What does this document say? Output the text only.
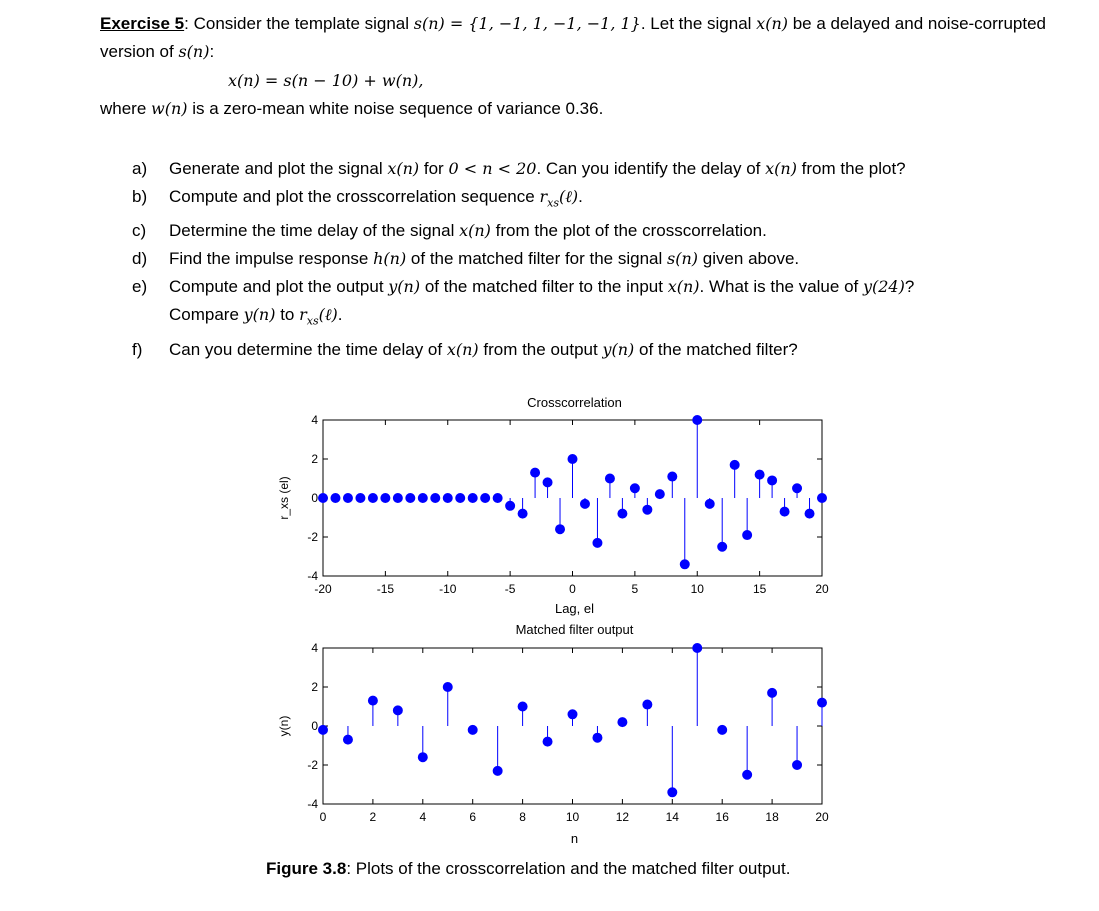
Exercise 5: Consider the template signal s(n) = {1, −1, 1, −1, −1, 1}. Let the signal x(n) be a delayed and noise-corrupted version of s(n):
x(n) = s(n − 10) + w(n),
where w(n) is a zero-mean white noise sequence of variance 0.36.
a) Generate and plot the signal x(n) for 0 < n < 20. Can you identify the delay of x(n) from the plot?
b) Compute and plot the crosscorrelation sequence $r_{xs}(\ell)$.
c) Determine the time delay of the signal x(n) from the plot of the crosscorrelation.
d) Find the impulse response h(n) of the matched filter for the signal s(n) given above.
e) Compute and plot the output y(n) of the matched filter to the input x(n). What is the value of y(24)?
Compare y(n) to $r_{xs}(\ell)$.
f) Can you determine the time delay of x(n) from the output y(n) of the matched filter?
-20	-15	-10	-5	0	5	10	15	20
4
2
0
-2
-4
Crosscorrelation
Lag, el
r_xs (el)
0	2	4	6	8	10	12	14	16	18	20
4
2
0
-2
-4
Matched filter output
n
y(n)
Figure 3.8: Plots of the crosscorrelation and the matched filter output.
